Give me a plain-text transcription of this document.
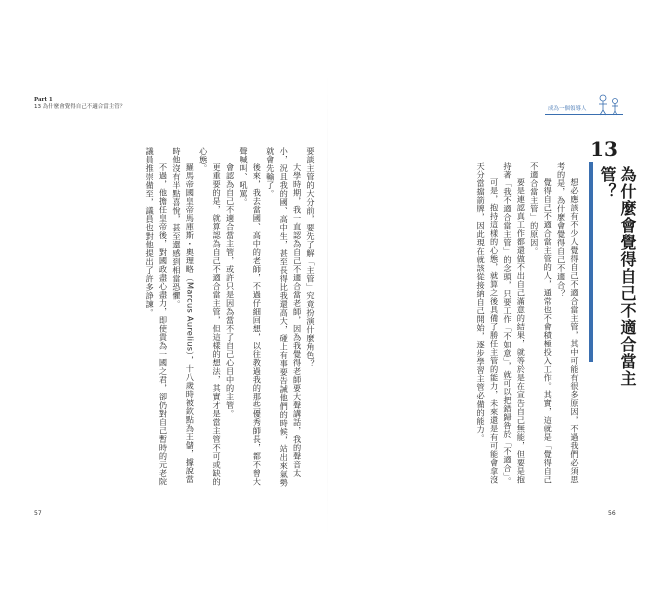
Part 1
13 為什麼會覺得自己不適合當主管？

要談主管的大分前，要先了解「主管」究竟扮演什麼角色？

大學時期，我一直認為自己不適合當老師，因為我覺得老師要大聲講話，我的聲音太小，況且我的國、高中生，甚至長得比我還高大，碰上有事要告誡他們的時候，站出來氣勢就會先輸了。

後來，我去當國、高中的老師，不過仔細回想，以往教過我的那些優秀師長，都不曾大聲喊叫、吼罵。

會認為自己不適合當主管，或許只是因為當不了自己心目中的主管。

更重要的是，就算認為自己不適合當主管，但這樣的想法，其實才是當主管不可或缺的心態。

羅馬帝國皇帝馬庫斯・奧理略（Marcus Aurelius），十八歲時被欽點為王儲，據說當時他沒有半點喜悅，甚至還感到相當恐懼。

不過，他擔任皇帝後，對國政盡心盡力，即使貴為一國之君，卻仍對自己暫時的元老院議員推崇備至，議員也對他提出了許多諍諫。

57
成為一個領導人
13
為什麼會覺得自己不適合當主管？

想必應該有不少人覺得自己不適合當主管，其中可能有很多原因，不過我們必須思考的是，為什麼會覺得自己不適合？

覺得自己不適合當主管的人，通常也不會積極投入工作。其實，這就是「覺得自己不適合當主管」的原因。

要是連認真工作都還做不出自己滿意的結果，就等於是在宣告自己無能，但要是抱持著「我不適合當主管」的念頭，只要工作「不如意」，就可以把錯歸咎於「不適合」。

可是，抱持這樣的心態，就算之後具備了勝任主管的能力，未來還是有可能會拿沒天分當擋箭牌，因此現在就該從接納自己開始，逐步學習主管必備的能力。

56
